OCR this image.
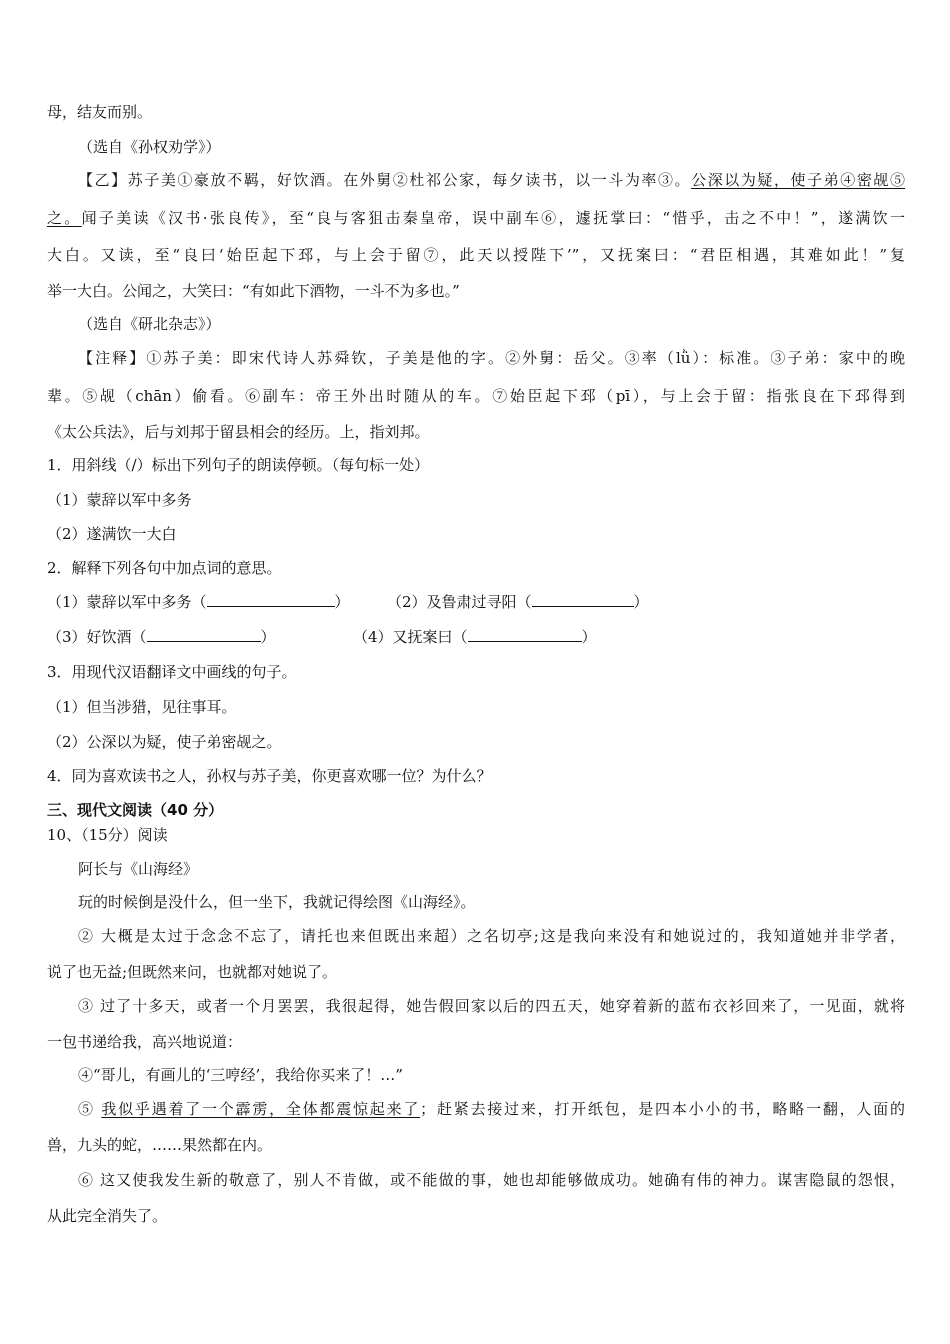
母，结友而别。
（选自《孙权劝学》）
【乙】苏子美①豪放不羁，好饮酒。在外舅②杜祁公家，每夕读书，以一斗为率③。公深以为疑，使子弟④密觇⑤
之。闻子美读《汉书·张良传》，至“良与客狙击秦皇帝，误中副车⑥，遽抚掌曰：“惜乎，击之不中！”，遂满饮一
大白。又读，至“良曰‘始臣起下邳，与上会于留⑦，此天以授陛下’”，又抚案曰：“君臣相遇，其难如此！”复
举一大白。公闻之，大笑曰：“有如此下酒物，一斗不为多也。”
（选自《研北杂志》）
【注释】①苏子美：即宋代诗人苏舜钦，子美是他的字。②外舅：岳父。③率（lǜ）：标准。③子弟：家中的晚
辈。⑤觇（chān）偷看。⑥副车：帝王外出时随从的车。⑦始臣起下邳（pī），与上会于留：指张良在下邳得到
《太公兵法》，后与刘邦于留县相会的经历。上，指刘邦。
1．用斜线（/）标出下列句子的朗读停顿。（每句标一处）
（1）蒙辞以军中多务
（2）遂满饮一大白
2．解释下列各句中加点词的意思。
（1）蒙辞以军中多务（	） （2）及鲁肃过寻阳（	）
（3）好饮酒（	）	（4）又抚案曰（	）
3．用现代汉语翻译文中画线的句子。
（1）但当涉猎，见往事耳。
（2）公深以为疑，使子弟密觇之。
4．同为喜欢读书之人，孙权与苏子美，你更喜欢哪一位？为什么？
三、现代文阅读（40 分）
10、（15分）阅读
阿长与《山海经》
玩的时候倒是没什么，但一坐下，我就记得绘图《山海经》。
② 大概是太过于念念不忘了，请托也来但既出来超）之名切亭;这是我向来没有和她说过的，我知道她并非学者，
说了也无益;但既然来问，也就都对她说了。
③ 过了十多天，或者一个月罢罢，我很起得，她告假回家以后的四五天，她穿着新的蓝布衣衫回来了，一见面，就将
一包书递给我，高兴地说道：
④“哥儿，有画儿的‘三哼经’，我给你买来了！…”
⑤ 我似乎遇着了一个霹雳，全体都震惊起来了；赶紧去接过来，打开纸包，是四本小小的书，略略一翻，人面的
兽，九头的蛇，……果然都在内。
⑥ 这又使我发生新的敬意了，别人不肯做，或不能做的事，她也却能够做成功。她确有伟的神力。谋害隐鼠的怨恨，
从此完全消失了。
